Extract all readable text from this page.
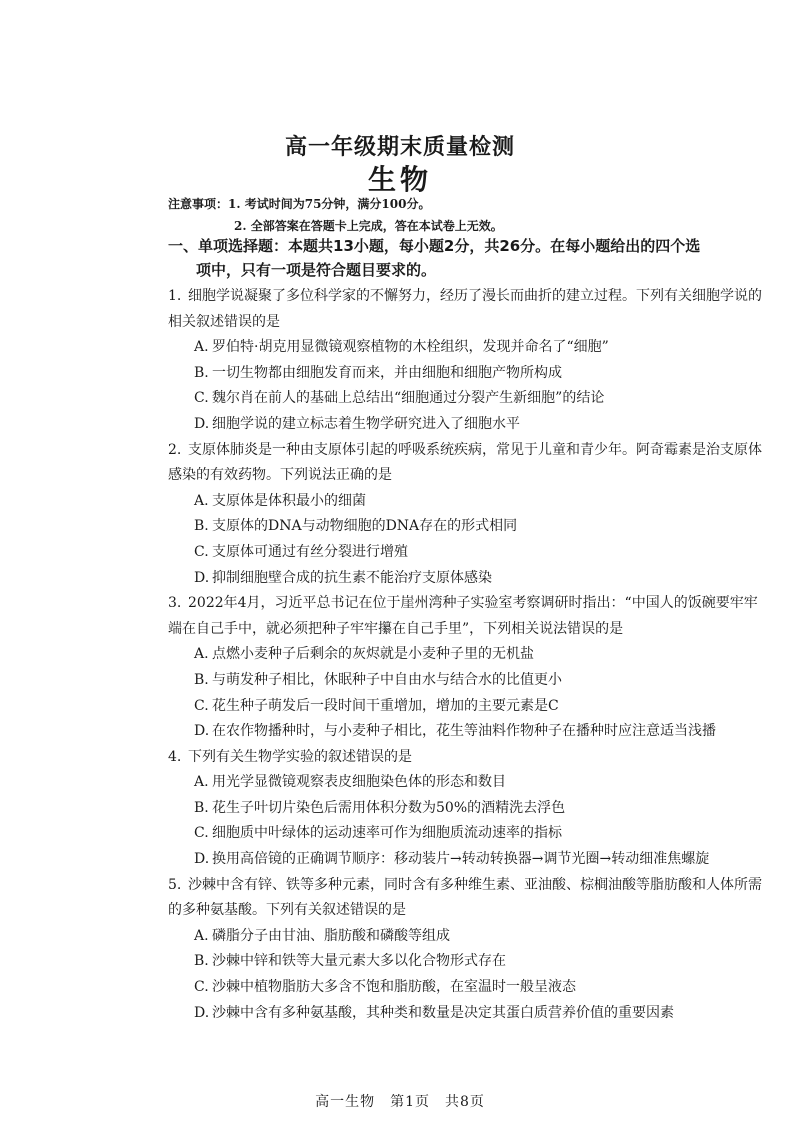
高一年级期末质量检测
生物
注意事项：1. 考试时间为75分钟，满分100分。
2. 全部答案在答题卡上完成，答在本试卷上无效。
一、单项选择题：本题共13小题，每小题2分，共26分。在每小题给出的四个选
项中，只有一项是符合题目要求的。
1. 细胞学说凝聚了多位科学家的不懈努力，经历了漫长而曲折的建立过程。下列有关细胞学说的相关叙述错误的是
A. 罗伯特·胡克用显微镜观察植物的木栓组织，发现并命名了“细胞”
B. 一切生物都由细胞发育而来，并由细胞和细胞产物所构成
C. 魏尔肖在前人的基础上总结出“细胞通过分裂产生新细胞”的结论
D. 细胞学说的建立标志着生物学研究进入了细胞水平
2. 支原体肺炎是一种由支原体引起的呼吸系统疾病，常见于儿童和青少年。阿奇霉素是治支原体感染的有效药物。下列说法正确的是
A. 支原体是体积最小的细菌
B. 支原体的DNA与动物细胞的DNA存在的形式相同
C. 支原体可通过有丝分裂进行增殖
D. 抑制细胞壁合成的抗生素不能治疗支原体感染
3. 2022年4月，习近平总书记在位于崖州湾种子实验室考察调研时指出：“中国人的饭碗要牢牢端在自己手中，就必须把种子牢牢攥在自己手里”，下列相关说法错误的是
A. 点燃小麦种子后剩余的灰烬就是小麦种子里的无机盐
B. 与萌发种子相比，休眠种子中自由水与结合水的比值更小
C. 花生种子萌发后一段时间干重增加，增加的主要元素是C
D. 在农作物播种时，与小麦种子相比，花生等油料作物种子在播种时应注意适当浅播
4. 下列有关生物学实验的叙述错误的是
A. 用光学显微镜观察表皮细胞染色体的形态和数目
B. 花生子叶切片染色后需用体积分数为50%的酒精洗去浮色
C. 细胞质中叶绿体的运动速率可作为细胞质流动速率的指标
D. 换用高倍镜的正确调节顺序：移动装片→转动转换器→调节光圈→转动细准焦螺旋
5. 沙棘中含有锌、铁等多种元素，同时含有多种维生素、亚油酸、棕榈油酸等脂肪酸和人体所需的多种氨基酸。下列有关叙述错误的是
A. 磷脂分子由甘油、脂肪酸和磷酸等组成
B. 沙棘中锌和铁等大量元素大多以化合物形式存在
C. 沙棘中植物脂肪大多含不饱和脂肪酸，在室温时一般呈液态
D. 沙棘中含有多种氨基酸，其种类和数量是决定其蛋白质营养价值的重要因素
高一生物　第1页　共8页
